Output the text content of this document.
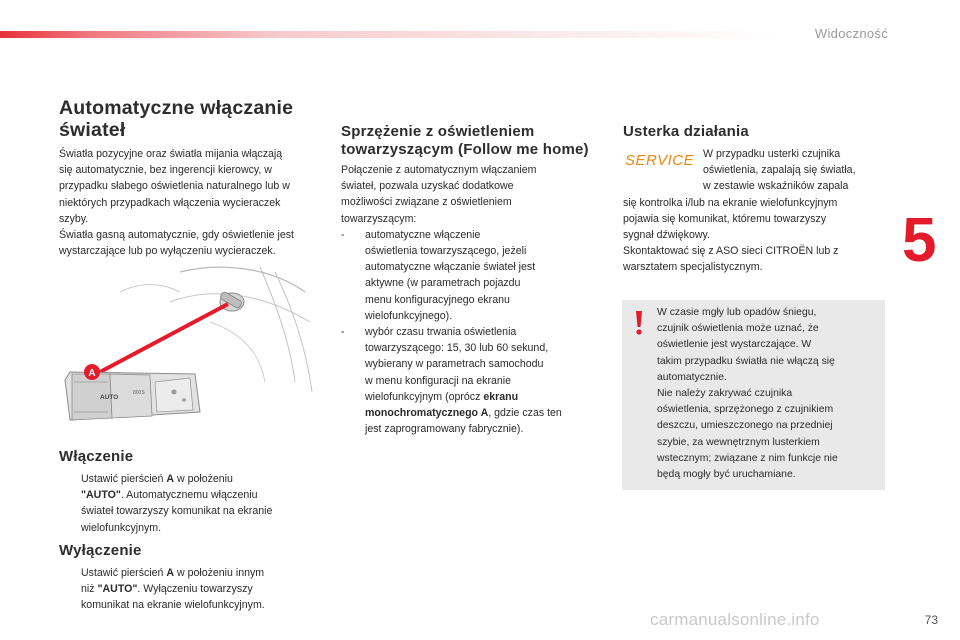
Widoczność
5
carmanualsonline.info	73
Automatyczne włączanie
świateł
Światła pozycyjne oraz światła mijania włączają
się automatycznie, bez ingerencji kierowcy, w
przypadku słabego oświetlenia naturalnego lub w
niektórych przypadkach włączenia wycieraczek
szyby.
Światła gasną automatycznie, gdy oświetlenie jest
wystarczające lub po wyłączeniu wycieraczek.
AUTO
800S
A
Włączenie
Ustawić pierścień A w położeniu
"AUTO". Automatycznemu włączeniu
świateł towarzyszy komunikat na ekranie
wielofunkcyjnym.
Wyłączenie
Ustawić pierścień A w położeniu innym
niż "AUTO". Wyłączeniu towarzyszy
komunikat na ekranie wielofunkcyjnym.
Sprzężenie z oświetleniem
towarzyszącym (Follow me home)
Połączenie z automatycznym włączaniem
świateł, pozwala uzyskać dodatkowe
możliwości związane z oświetleniem
towarzyszącym:
-	automatyczne włączenie
oświetlenia towarzyszącego, jeżeli
automatyczne włączanie świateł jest
aktywne (w parametrach pojazdu
menu konfiguracyjnego ekranu
wielofunkcyjnego).
-	wybór czasu trwania oświetlenia
towarzyszącego: 15, 30 lub 60 sekund,
wybierany w parametrach samochodu
w menu konfiguracji na ekranie
wielofunkcyjnym (oprócz ekranu
monochromatycznego A, gdzie czas ten
jest zaprogramowany fabrycznie).
Usterka działania
SERVICE W przypadku usterki czujnika
oświetlenia, zapalają się światła,
w zestawie wskaźników zapala
się kontrolka i/lub na ekranie wielofunkcyjnym
pojawia się komunikat, któremu towarzyszy
sygnał dźwiękowy.
Skontaktować się z ASO sieci CITROËN lub z
warsztatem specjalistycznym.
W czasie mgły lub opadów śniegu,
czujnik oświetlenia może uznać, że
oświetlenie jest wystarczające. W
takim przypadku światła nie włączą się
automatycznie.
Nie należy zakrywać czujnika
oświetlenia, sprzężonego z czujnikiem
deszczu, umieszczonego na przedniej
szybie, za wewnętrznym lusterkiem
wstecznym; związane z nim funkcje nie
będą mogły być uruchamiane.
